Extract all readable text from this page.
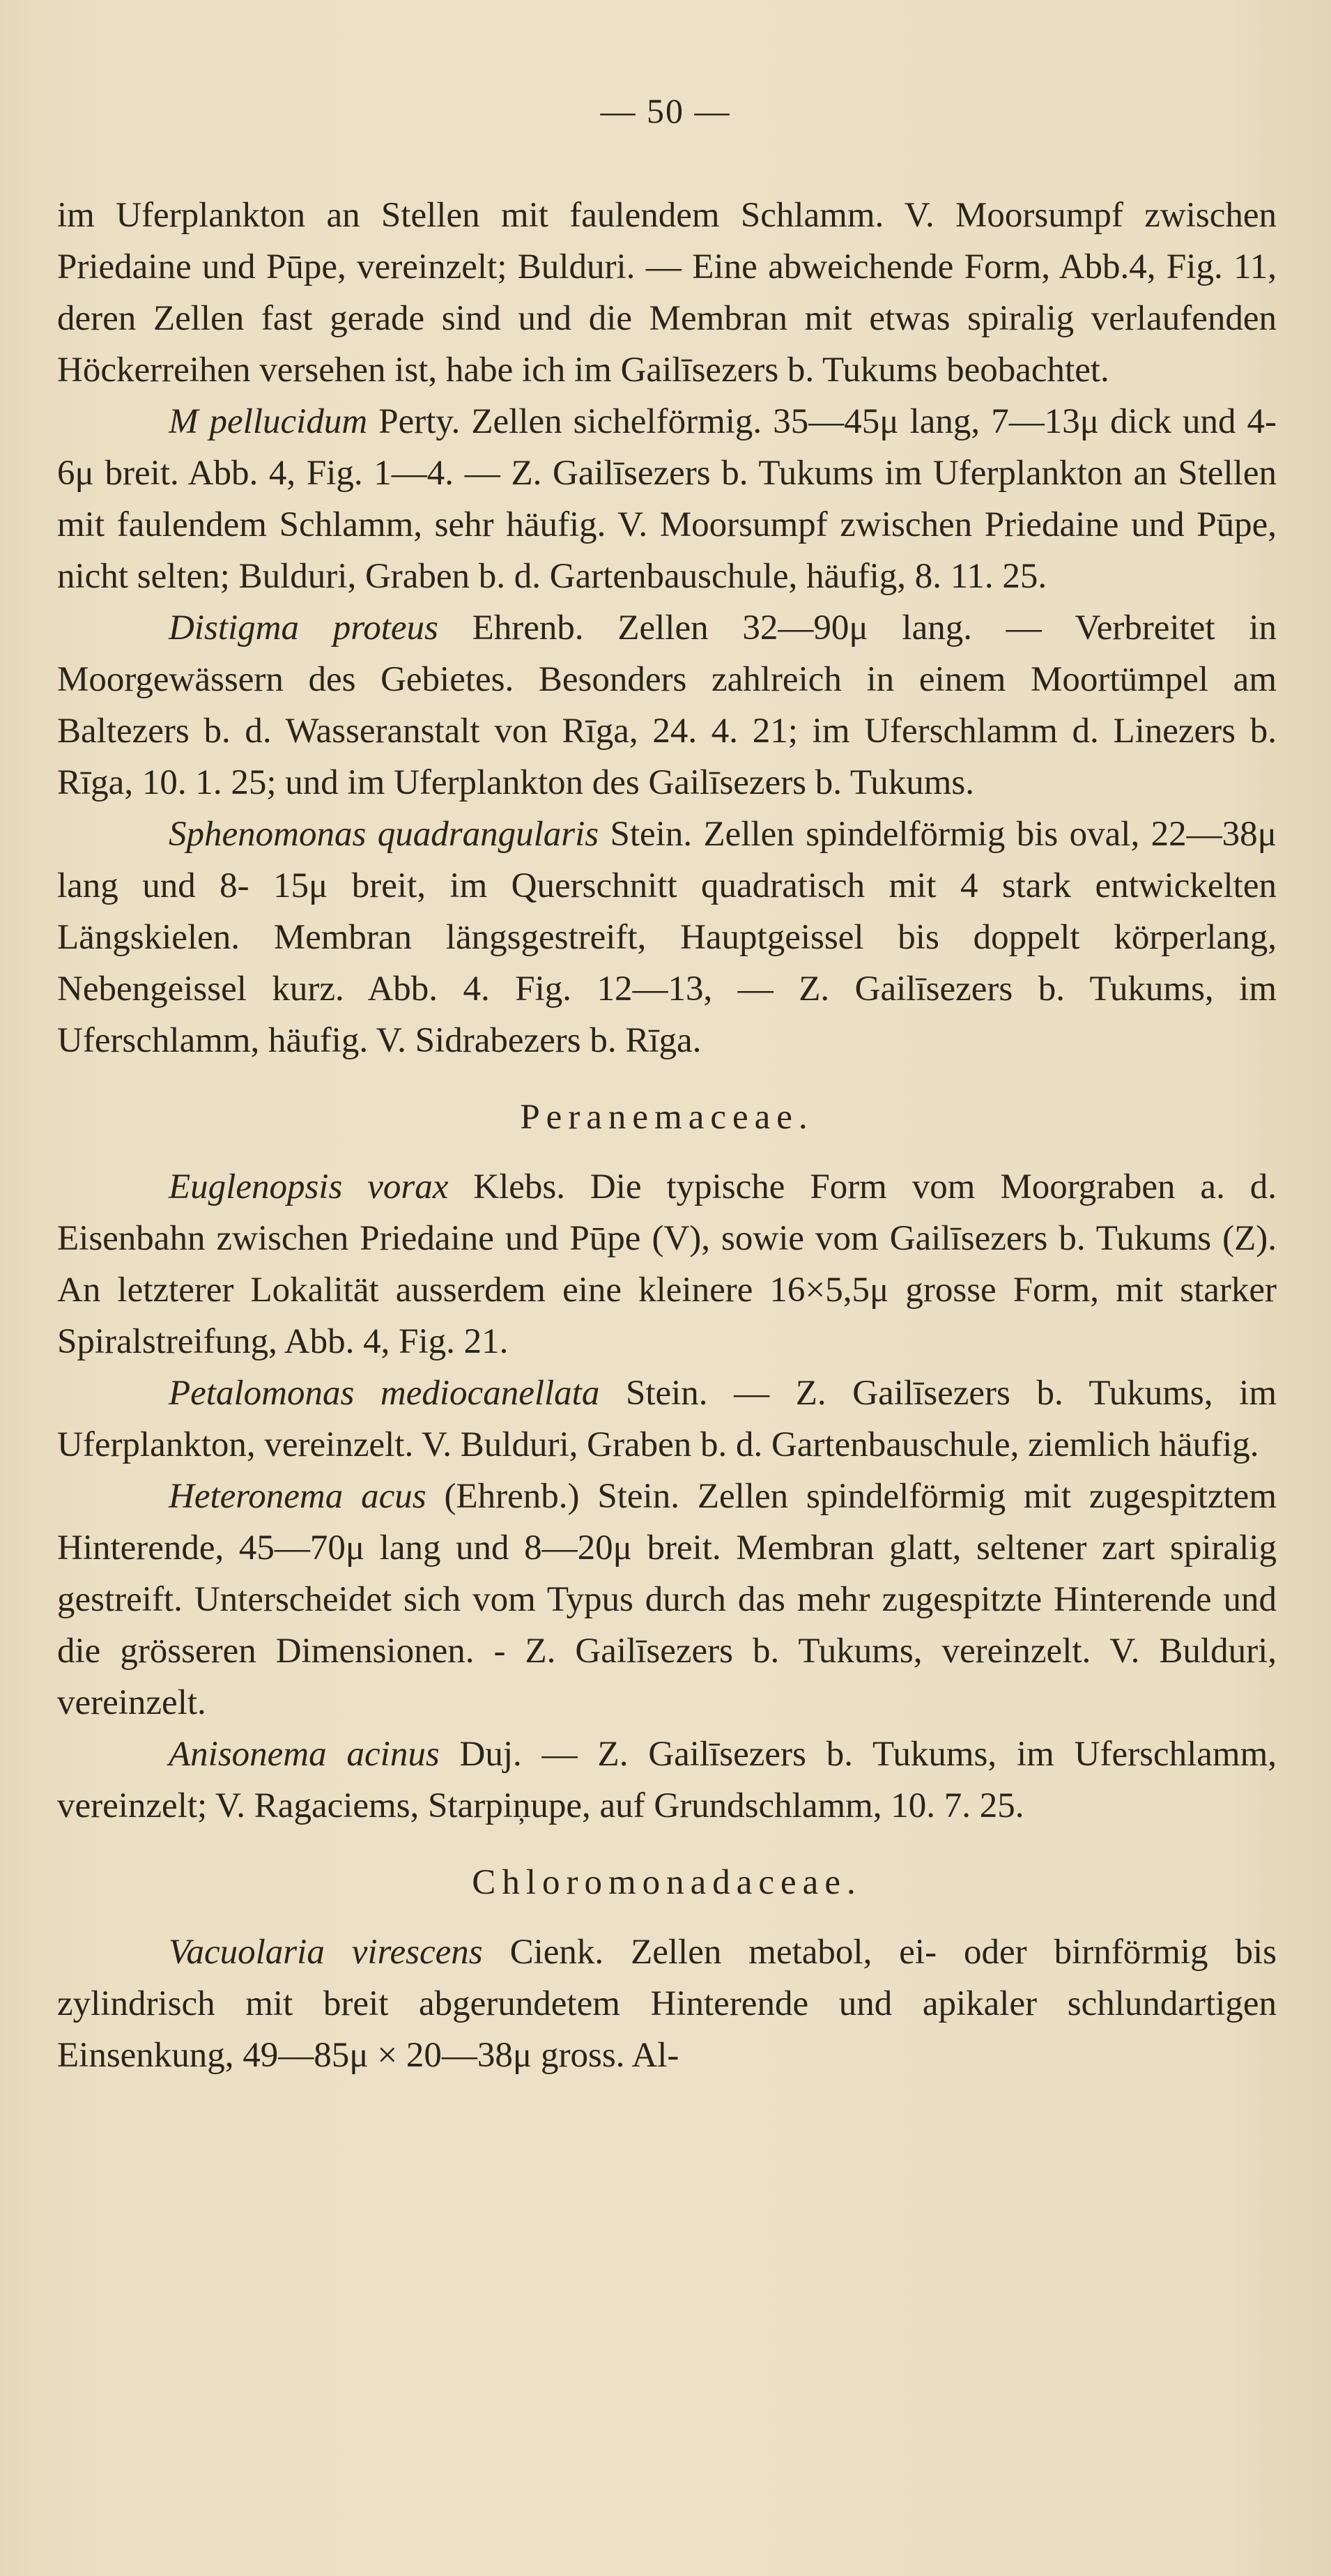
— 50 —

im Uferplankton an Stellen mit faulendem Schlamm. V. Moorsumpf zwischen Priedaine und Pūpe, vereinzelt; Bulduri. — Eine abweichende Form, Abb.4, Fig. 11, deren Zellen fast gerade sind und die Membran mit etwas spiralig verlaufenden Höckerreihen versehen ist, habe ich im Gailīsezers b. Tukums beobachtet.

M pellucidum Perty. Zellen sichelförmig. 35—45μ lang, 7—13μ dick und 4- 6μ breit. Abb. 4, Fig. 1—4. — Z. Gailīsezers b. Tukums im Uferplankton an Stellen mit faulendem Schlamm, sehr häufig. V. Moorsumpf zwischen Priedaine und Pūpe, nicht selten; Bulduri, Graben b. d. Gartenbauschule, häufig, 8. 11. 25.

Distigma proteus Ehrenb. Zellen 32—90μ lang. — Verbreitet in Moorgewässern des Gebietes. Besonders zahlreich in einem Moortümpel am Baltezers b. d. Wasseranstalt von Rīga, 24. 4. 21; im Uferschlamm d. Linezers b. Rīga, 10. 1. 25; und im Uferplankton des Gailīsezers b. Tukums.

Sphenomonas quadrangularis Stein. Zellen spindelförmig bis oval, 22—38μ lang und 8- 15μ breit, im Querschnitt quadratisch mit 4 stark entwickelten Längskielen. Membran längsgestreift, Hauptgeissel bis doppelt körperlang, Nebengeissel kurz. Abb. 4. Fig. 12—13, — Z. Gailīsezers b. Tukums, im Uferschlamm, häufig. V. Sidrabezers b. Rīga.

Peranemaceae.

Euglenopsis vorax Klebs. Die typische Form vom Moorgraben a. d. Eisenbahn zwischen Priedaine und Pūpe (V), sowie vom Gailīsezers b. Tukums (Z). An letzterer Lokalität ausserdem eine kleinere 16×5,5μ grosse Form, mit starker Spiralstreifung, Abb. 4, Fig. 21.

Petalomonas mediocanellata Stein. — Z. Gailīsezers b. Tukums, im Uferplankton, vereinzelt. V. Bulduri, Graben b. d. Gartenbauschule, ziemlich häufig.

Heteronema acus (Ehrenb.) Stein. Zellen spindelförmig mit zugespitztem Hinterende, 45—70μ lang und 8—20μ breit. Membran glatt, seltener zart spiralig gestreift. Unterscheidet sich vom Typus durch das mehr zugespitzte Hinterende und die grösseren Dimensionen. - Z. Gailīsezers b. Tukums, vereinzelt. V. Bulduri, vereinzelt.

Anisonema acinus Duj. — Z. Gailīsezers b. Tukums, im Uferschlamm, vereinzelt; V. Ragaciems, Starpiņupe, auf Grundschlamm, 10. 7. 25.

Chloromonadaceae.

Vacuolaria virescens Cienk. Zellen metabol, ei- oder birnförmig bis zylindrisch mit breit abgerundetem Hinterende und apikaler schlundartigen Einsenkung, 49—85μ × 20—38μ gross. Al-
